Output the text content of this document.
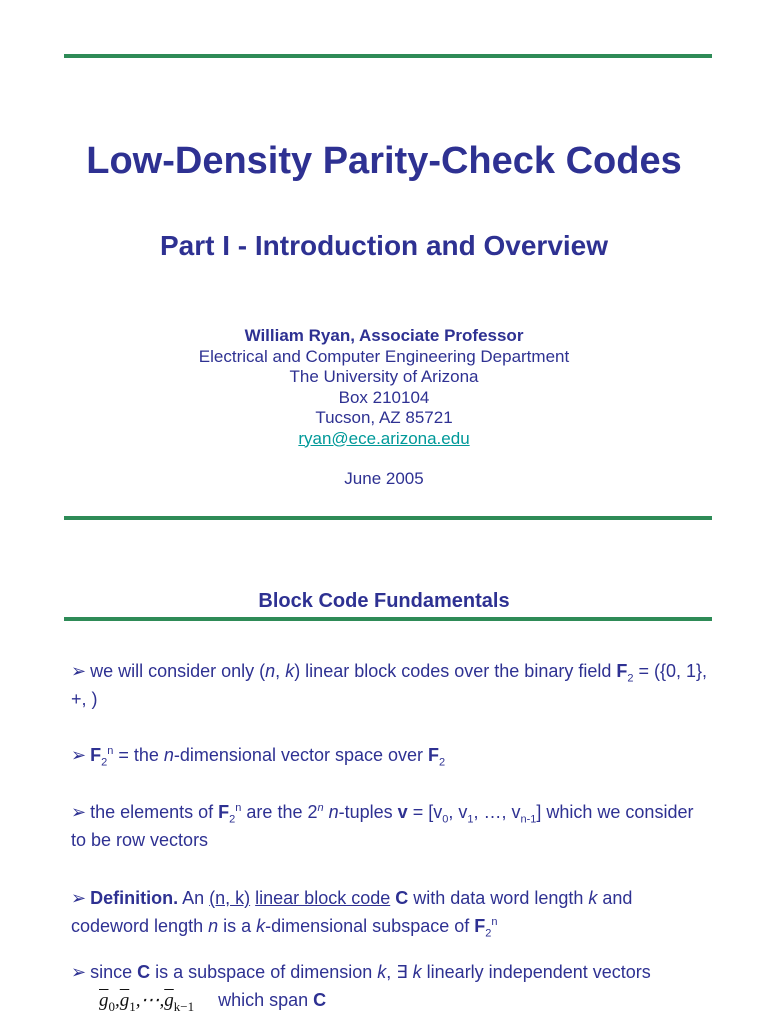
Low-Density Parity-Check Codes
Part I - Introduction and Overview
William Ryan, Associate Professor
Electrical and Computer Engineering Department
The University of Arizona
Box 210104
Tucson, AZ 85721
ryan@ece.arizona.edu
June 2005
Block Code Fundamentals
➢ we will consider only (n, k) linear block codes over the binary field $F_2 = (\{0$, 1}, +, )
➢ $F_2^n$ = the n-dimensional vector space over $F_2$
➢ the elements of $F_2^n$ are the 2$^n$ n-tuples $v = [v_0$, $v_1$, …, $v_{n-1}$] which we consider to be row vectors
➢ Definition. An (n, k) linear block code C with data word length k and codeword length n is a k-dimensional subspace of $F_2^n$
➢ since C is a subspace of dimension k, ∃ k linearly independent vectors
$\overline{g}_0,\overline{g}_1,\cdots,\overline{g}_{k-1}$ which span C
